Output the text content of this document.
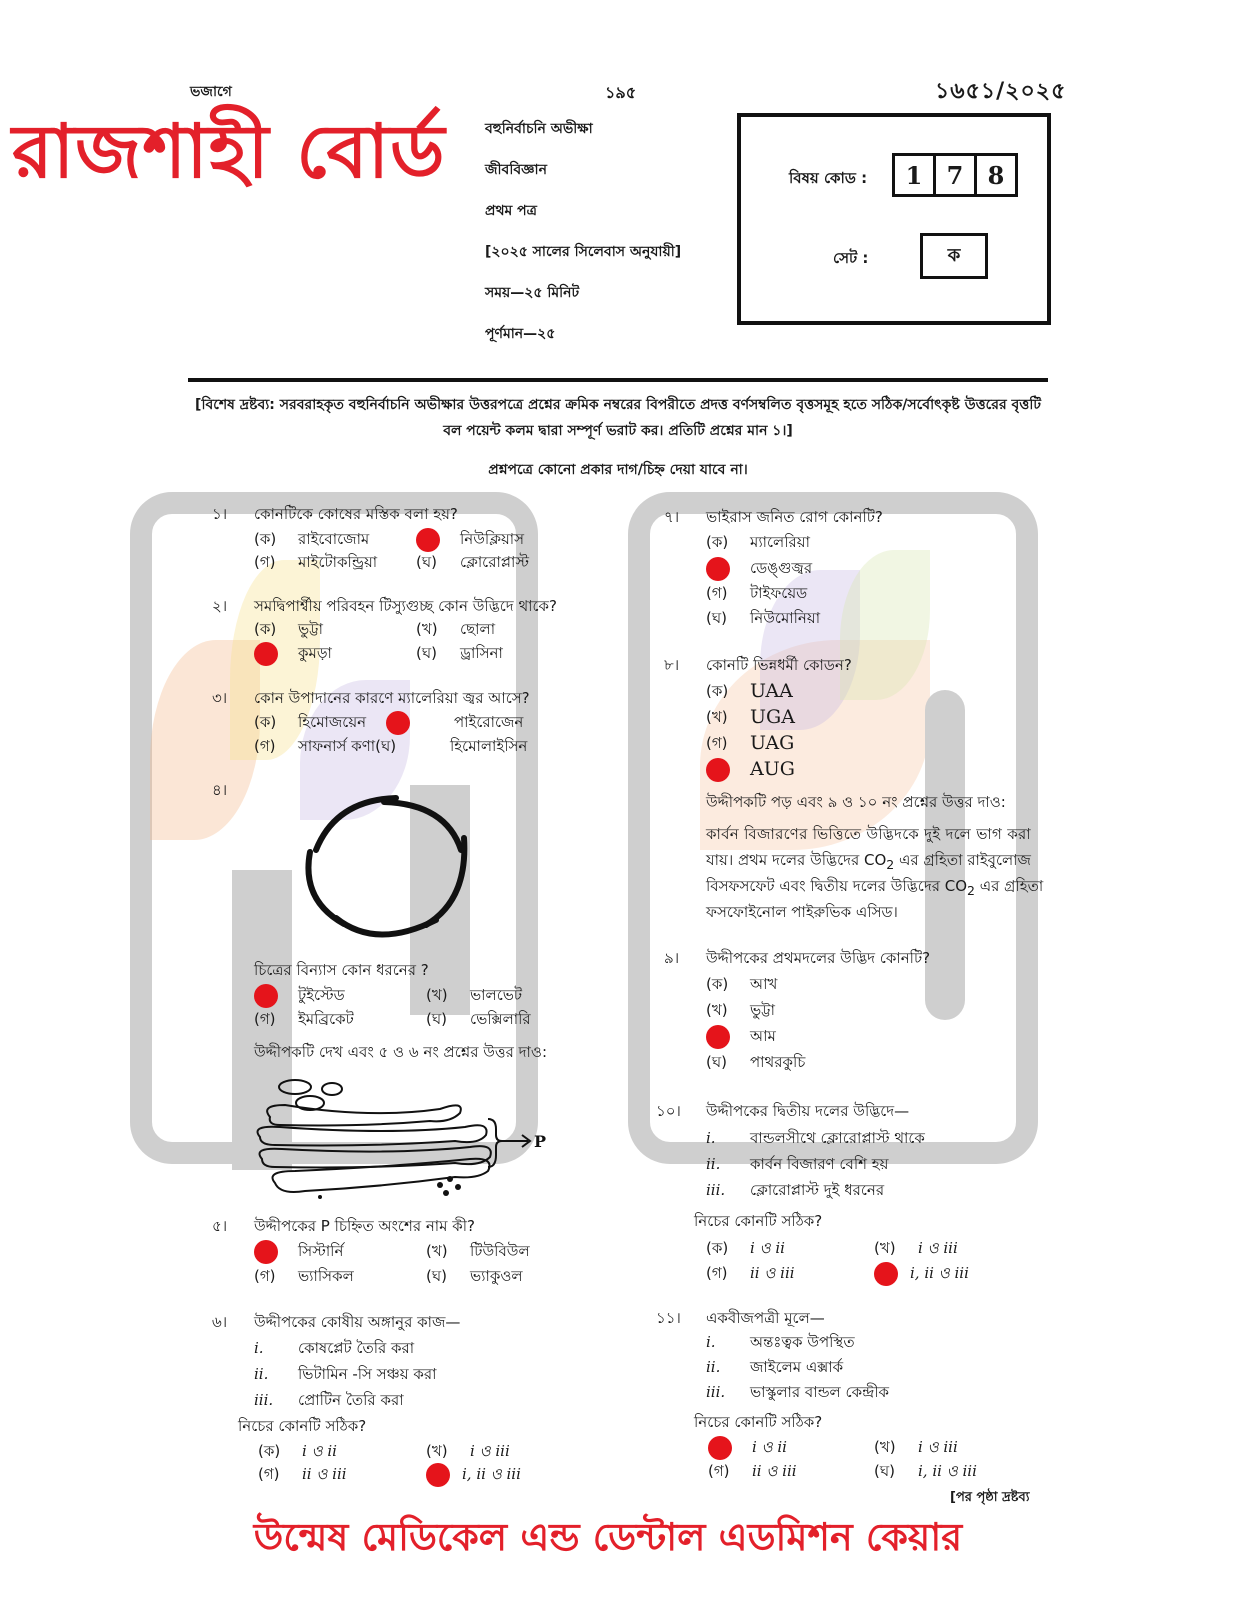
ভজাগে	১৯৫	১৬৫১/২০২৫
রাজশাহী বোর্ড	বহুনির্বাচনি অভীক্ষা
জীববিজ্ঞান
প্রথম পত্র
[২০২৫ সালের সিলেবাস অনুযায়ী]
সময়—২৫ মিনিট
পূর্ণমান—২৫
বিষয় কোড :	1	7	8
সেট :	ক
[বিশেষ দ্রষ্টব্য: সরবরাহকৃত বহুনির্বাচনি অভীক্ষার উত্তরপত্রে প্রশ্নের ক্রমিক নম্বরের বিপরীতে প্রদত্ত বর্ণসম্বলিত বৃত্তসমূহ হতে সঠিক/সর্বোৎকৃষ্ট উত্তরের বৃত্তটি বল পয়েন্ট কলম দ্বারা সম্পূর্ণ ভরাট কর। প্রতিটি প্রশ্নের মান ১।]
প্রশ্নপত্রে কোনো প্রকার দাগ/চিহ্ন দেয়া যাবে না।
১। কোনটিকে কোষের মস্তিক বলা হয়?
(ক)	রাইবোজোম	নিউক্লিয়াস
(গ)	মাইটোকন্ড্রিয়া	(ঘ)	ক্লোরোপ্লাস্ট
২। সমদ্বিপার্শ্বীয় পরিবহন টিস্যুগুচ্ছ কোন উদ্ভিদে থাকে?
(ক)	ভুট্টা	(খ)	ছোলা
কুমড়া	(ঘ)	ড্রাসিনা
৩। কোন উপাদানের কারণে ম্যালেরিয়া জ্বর আসে?
(ক)	হিমোজয়েন	পাইরোজেন
(গ)	সাফনার্স কণা (ঘ)	হিমোলাইসিন
৪।
চিত্রের বিন্যাস কোন ধরনের ?
টুইস্টেড	(খ)	ভালভেট
(গ)	ইমব্রিকেট	(ঘ)	ভেক্সিলারি
উদ্দীপকটি দেখ এবং ৫ ও ৬ নং প্রশ্নের উত্তর দাও:
P
৫। উদ্দীপকের P চিহ্নিত অংশের নাম কী?
সিস্টার্নি	(খ)	টিউবিউল
(গ)	ভ্যাসিকল	(ঘ)	ভ্যাকুওল
৬। উদ্দীপকের কোষীয় অঙ্গানুর কাজ—
i.	কোষপ্লেট তৈরি করা
ii.	ভিটামিন -সি সঞ্চয় করা
iii.	প্রোটিন তৈরি করা
নিচের কোনটি সঠিক?
(ক)	i ও ii	(খ)	i ও iii
(গ)	ii ও iii	i, ii ও iii
৭। ভাইরাস জনিত রোগ কোনটি?
(ক)	ম্যালেরিয়া
ডেঙ্গুজ্বর
(গ)	টাইফয়েড
(ঘ)	নিউমোনিয়া
৮। কোনটি ভিন্নধর্মী কোডন?
(ক)	UAA
(খ)	UGA
(গ)	UAG
AUG
উদ্দীপকটি পড় এবং ৯ ও ১০ নং প্রশ্নের উত্তর দাও:
কার্বন বিজারণের ভিত্তিতে উদ্ভিদকে দুই দলে ভাগ করা
যায়। প্রথম দলের উদ্ভিদের $CO_2$ এর গ্রহিতা রাইবুলোজ
বিসফসফেট এবং দ্বিতীয় দলের উদ্ভিদের $CO_2$ এর গ্রহিতা
ফসফোইনোল পাইরুভিক এসিড।
৯। উদ্দীপকের প্রথমদলের উদ্ভিদ কোনটি?
(ক)	আখ
(খ)	ভুট্টা
আম
(ঘ)	পাথরকুচি
১০। উদ্দীপকের দ্বিতীয় দলের উদ্ভিদে—
i.	বান্ডলসীথে ক্লোরোপ্লাস্ট থাকে
ii.	কার্বন বিজারণ বেশি হয়
iii.	ক্লোরোপ্লাস্ট দুই ধরনের
নিচের কোনটি সঠিক?
(ক)	i ও ii	(খ)	i ও iii
(গ)	ii ও iii	i, ii ও iii
১১। একবীজপত্রী মূলে—
i.	অন্তঃত্বক উপস্থিত
ii.	জাইলেম এক্সার্ক
iii.	ভাস্কুলার বান্ডল কেন্দ্রীক
নিচের কোনটি সঠিক?
i ও ii	(খ)	i ও iii
(গ)	ii ও iii	(ঘ)	i, ii ও iii
[পর পৃষ্ঠা দ্রষ্টব্য
উন্মেষ মেডিকেল এন্ড ডেন্টাল এডমিশন কেয়ার
